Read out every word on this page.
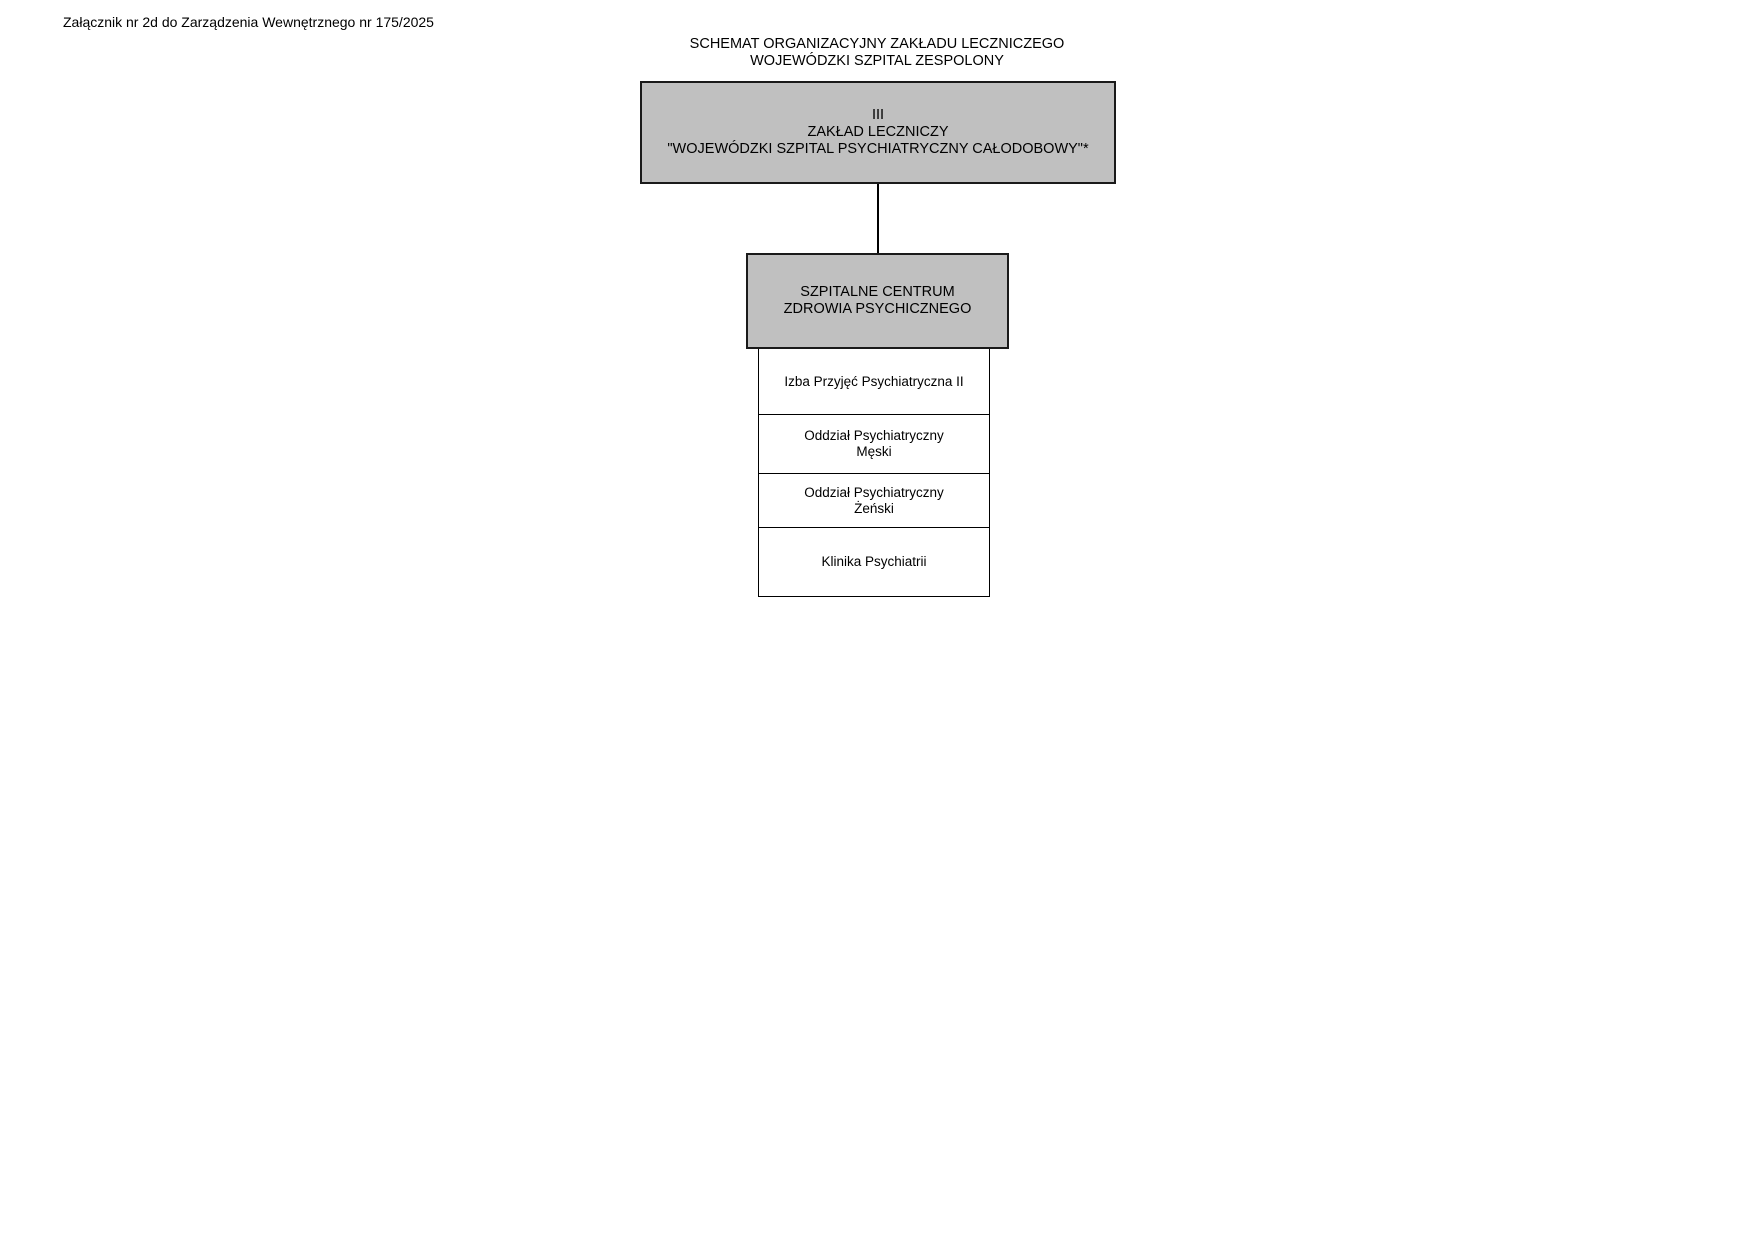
Załącznik nr 2d do Zarządzenia Wewnętrznego nr 175/2025
SCHEMAT ORGANIZACYJNY ZAKŁADU LECZNICZEGO
WOJEWÓDZKI SZPITAL ZESPOLONY
III
ZAKŁAD LECZNICZY
"WOJEWÓDZKI SZPITAL PSYCHIATRYCZNY CAŁODOBOWY"*
SZPITALNE CENTRUM
ZDROWIA PSYCHICZNEGO
Izba Przyjęć Psychiatryczna II
Oddział Psychiatryczny
Męski
Oddział Psychiatryczny
Żeński
Klinika Psychiatrii
